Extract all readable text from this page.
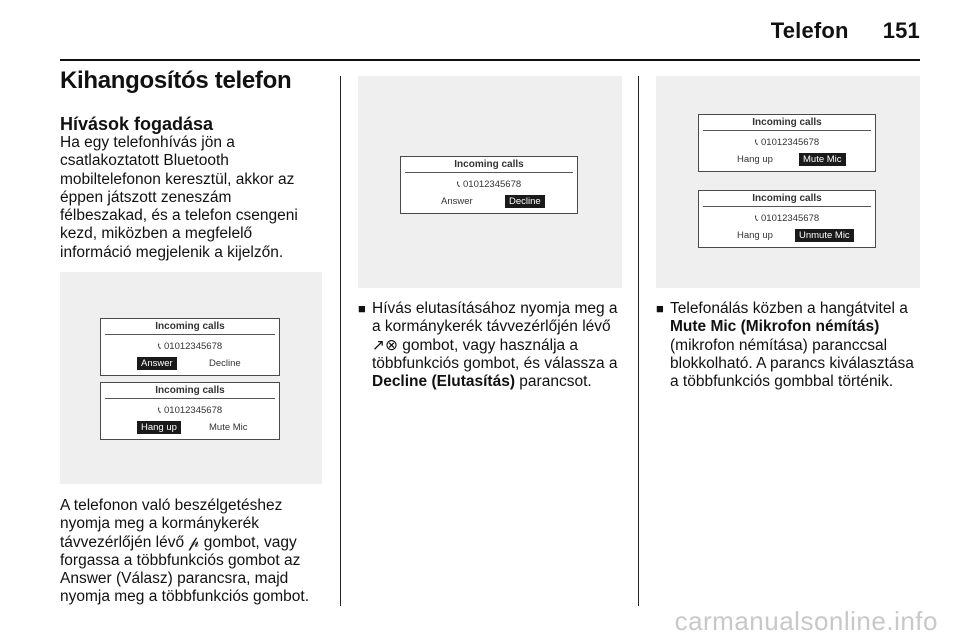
Telefon 151
Kihangosítós telefon
Hívások fogadása
Ha egy telefonhívás jön a csatlakoztatott Bluetooth mobiltelefonon keresztül, akkor az éppen játszott zeneszám félbeszakad, és a telefon csengeni kezd, miközben a megfelelő információ megjelenik a kijelzőn.
Incoming calls
📞︎ 01012345678
Answer	Decline
Incoming calls
📞︎ 01012345678
Hang up	Mute Mic
A telefonon való beszélgetéshez nyomja meg a kormánykerék távvezérlőjén lévő 𝓅 gombot, vagy forgassa a többfunkciós gombot az Answer (Válasz) parancsra, majd nyomja meg a többfunkciós gombot.
Incoming calls
📞︎ 01012345678
Answer	Decline
■ Hívás elutasításához nyomja meg a a kormánykerék távvezérlőjén lévő ↗⊗ gombot, vagy használja a többfunkciós gombot, és válassza a Decline (Elutasítás) parancsot.
Incoming calls
📞︎ 01012345678
Hang up	Mute Mic
Incoming calls
📞︎ 01012345678
Hang up	Unmute Mic
■ Telefonálás közben a hangátvitel a Mute Mic (Mikrofon némítás) (mikrofon némítása) paranccsal blokkolható. A parancs kiválasztása a többfunkciós gombbal történik.
carmanualsonline.info
